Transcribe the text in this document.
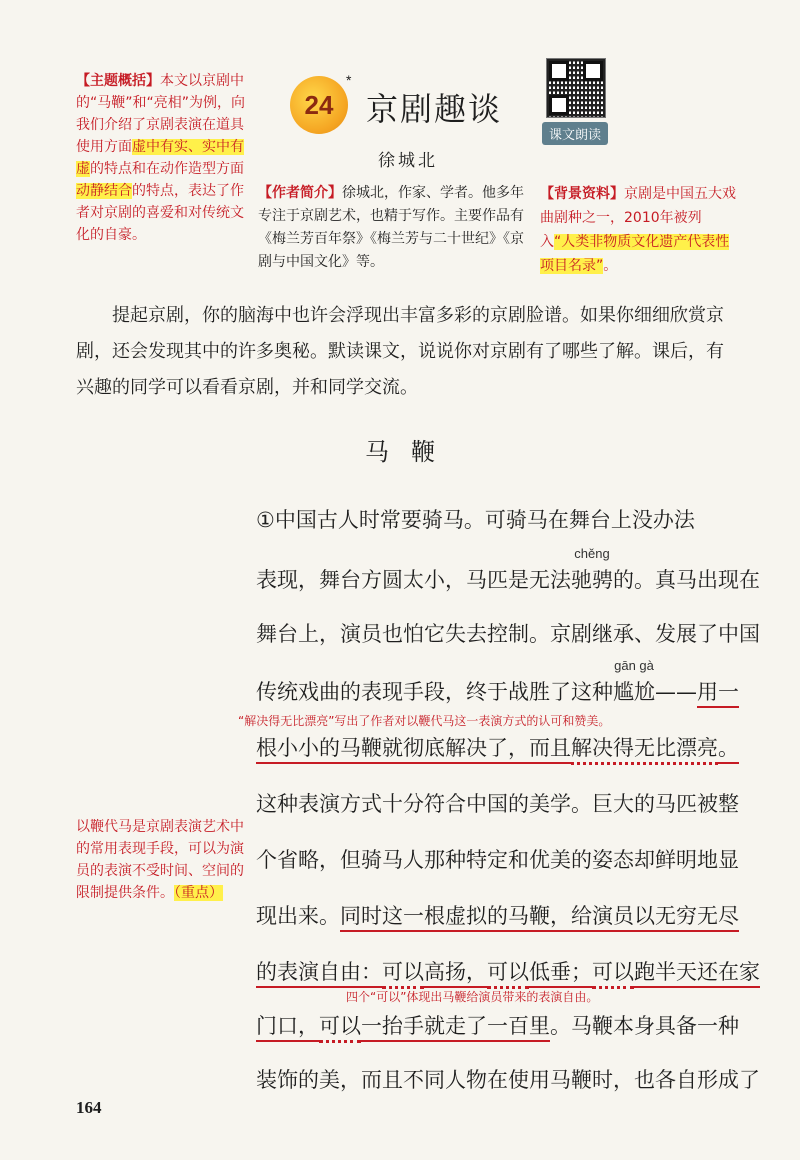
【主题概括】本文以京剧中的“马鞭”和“亮相”为例，向我们介绍了京剧表演在道具使用方面虚中有实、实中有虚的特点和在动作造型方面动静结合的特点，表达了作者对京剧的喜爱和对传统文化的自豪。
24
*
京剧趣谈
徐城北
课文朗读
【作者简介】徐城北，作家、学者。他多年专注于京剧艺术，也精于写作。主要作品有《梅兰芳百年祭》《梅兰芳与二十世纪》《京剧与中国文化》等。
【背景资料】京剧是中国五大戏曲剧种之一，2010年被列入“人类非物质文化遗产代表性项目名录”。
提起京剧，你的脑海中也许会浮现出丰富多彩的京剧脸谱。如果你细细欣赏京剧，还会发现其中的许多奥秘。默读课文，说说你对京剧有了哪些了解。课后，有兴趣的同学可以看看京剧，并和同学交流。
马鞭
①中国古人时常要骑马。可骑马在舞台上没办法
表现，舞台方圆太小，马匹是无法
chěng
驰骋的。真马出现在
舞台上，演员也怕它失去控制。京剧继承、发展了中国
传统戏曲的表现手段，终于战胜了这种
gān gà
尴尬——用一
“解决得无比漂亮”写出了作者对以鞭代马这一表演方式的认可和赞美。
根小小的马鞭就彻底解决了，而且解决得无比漂亮。
这种表演方式十分符合中国的美学。巨大的马匹被整
个省略，但骑马人那种特定和优美的姿态却鲜明地显
现出来。同时这一根虚拟的马鞭，给演员以无穷无尽
的表演自由：可以高扬，可以低垂；可以跑半天还在家
四个“可以”体现出马鞭给演员带来的表演自由。
门口，可以一抬手就走了一百里。马鞭本身具备一种
装饰的美，而且不同人物在使用马鞭时，也各自形成了
以鞭代马是京剧表演艺术中的常用表现手段，可以为演员的表演不受时间、空间的限制提供条件。（重点）
164
